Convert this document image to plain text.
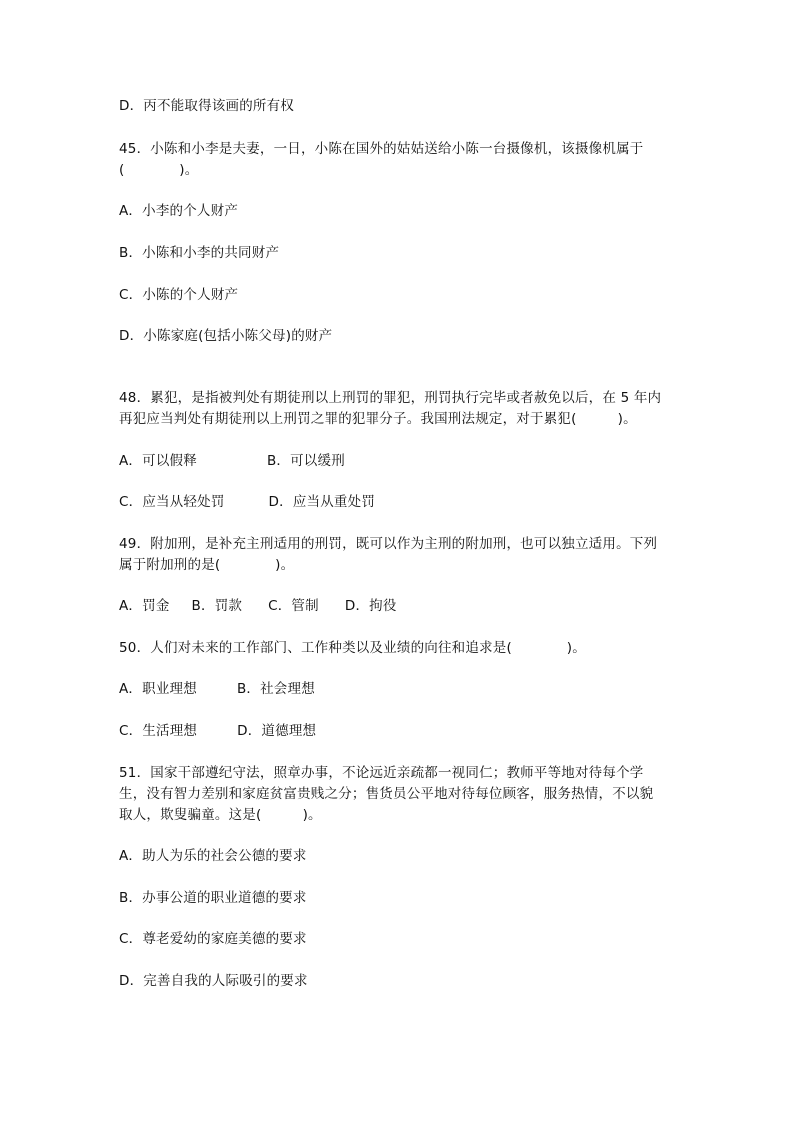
D．丙不能取得该画的所有权
45．小陈和小李是夫妻，一日，小陈在国外的姑姑送给小陈一台摄像机，该摄像机属于
(　　　　)。
A．小李的个人财产
B．小陈和小李的共同财产
C．小陈的个人财产
D．小陈家庭(包括小陈父母)的财产
48．累犯，是指被判处有期徒刑以上刑罚的罪犯，刑罚执行完毕或者赦免以后，在 5 年内
再犯应当判处有期徒刑以上刑罚之罪的犯罪分子。我国刑法规定，对于累犯(　　　)。
A．可以假释	B．可以缓刑
C．应当从轻处罚	D．应当从重处罚
49．附加刑，是补充主刑适用的刑罚，既可以作为主刑的附加刑，也可以独立适用。下列
属于附加刑的是(　　　　)。
A．罚金 B．罚款 C．管制 D．拘役
50．人们对未来的工作部门、工作种类以及业绩的向往和追求是(　　　　)。
A．职业理想	B．社会理想
C．生活理想	D．道德理想
51．国家干部遵纪守法，照章办事，不论远近亲疏都一视同仁；教师平等地对待每个学
生，没有智力差别和家庭贫富贵贱之分；售货员公平地对待每位顾客，服务热情，不以貌
取人，欺叟骗童。这是(　　　)。
A．助人为乐的社会公德的要求
B．办事公道的职业道德的要求
C．尊老爱幼的家庭美德的要求
D．完善自我的人际吸引的要求
